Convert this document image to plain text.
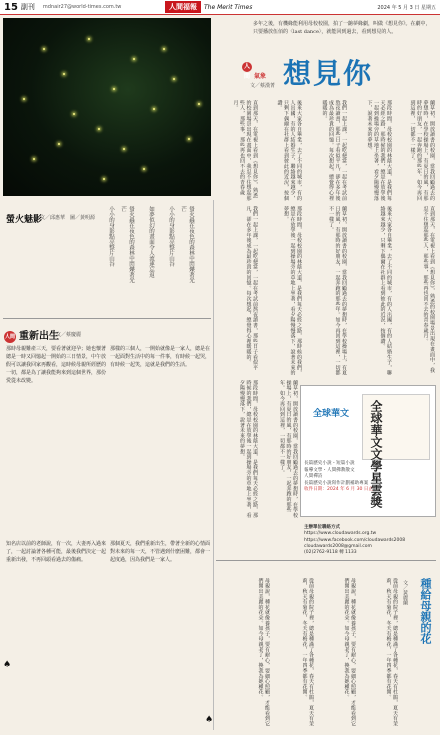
15 副刊 mdnair27@world-times.com.tw	人間福報	The Merit Times	2024 年 5 月 3 日 星期五
多年之後，有機緣能利用母校校園，拍了一齣夢緣劇，叫做《想見你》。在劇中，只要播放伍佰的〈last dance〉，就能回到過去，看到想見的人。
人間 氣象 想見你
文／蔡漢菁
蘭草初，開放讀書的校園，當我回顧過去的夢想時，在學校操場上，有夏日的風，有那時的好朋友，一起奔跑的那些年。如今再回到這裡，一切都不一樣了。
那段時間，母校校園的林蔭大道，是我們每天必經之路，那時候的我們，總是在放學後一起到操場旁的草地上坐著，看夕陽慢慢落下，說著未來的夢想。
我們一起上課，一起吃便當，一起在考試前熬夜讀書，那些日子看似平凡，卻在多年後成為最珍貴的回憶。每次想起，總覺得心裡暖暖的。
後來大家各自畢業，去了不同的城市，有的人出國，有的人結婚生子，聯絡越來越少，只剩下偶爾在社群上看到彼此的近況，按個讚。
直到那天，在電視上看到《想見你》，熟悉的校園場景出現在畫面中，我忍不住想起那些人，那些事，那些再也回不去的青春歲月。
直到那天，在電視上看到《想見你》，熟悉的校園場景出現在畫面中，我忍不住想起那些人，那些事，那些再也回不去的青春歲月。
後來大家各自畢業，去了不同的城市，有的人出國，有的人結婚生子，聯絡越來越少，只剩下偶爾在社群上看到彼此的近況，按個讚。
蘭草初，開放讀書的校園，當我回顧過去的夢想時，在學校操場上，有夏日的風，有那時的好朋友，一起奔跑的那些年。如今再回到這裡，一切都不一樣了。
那段時間，母校校園的林蔭大道，是我們每天必經之路，那時候的我們，總是在放學後一起到操場旁的草地上坐著，看夕陽慢慢落下，說著未來的夢想。
我們一起上課，一起吃便當，一起在考試前熬夜讀書，那些日子看似平凡，卻在多年後成為最珍貴的回憶。每次想起，總覺得心裡暖暖的。
蘭草初，開放讀書的校園，當我回顧過去的夢想時，在學校操場上，有夏日的風，有那時的好朋友，一起奔跑的那些年。如今再回到這裡，一切都不一樣了。
那段時間，母校校園的林蔭大道，是我們每天必經之路，那時候的我們，總是在放學後一起到操場旁的草地上坐著，看夕陽慢慢落下，說著未來的夢想。
螢火魅影
文／邱惠華　圖／黃明源	螢火蟲在夜色的森林中閃爍著光芒
小小的身影點亮整片山谷
如夢似幻的畫面令人流連忘返
螢火蟲在夜色的森林中閃爍著光芒
小小的身影點亮整片山谷
人間 重新出生
文／蔡慶麗
那時母親難產三天，要看著就迎孕；她也懷著總是一時又回憶起一開始的三日情景，中午放假可以讓我回家再觀看，這時候母親所經歷的一切，都是為了讓我能夠來到這個世界，那份愛從未改變。
那樣的三個人，一開始就像是一家人，總是在一起面對生活中的每一件事，有時候一起哭，有時候一起笑，這就是我們的生活。
知名店以前的老師說，有一次，大妻再入過來了，一起討論著各種可能，最後我們決定一起重新出發，不再回頭看過去的傷痛。
那個夏天，我們重新出生，帶著全新的心情面對未來的每一天，不管遇到什麼困難，都會一起度過，因為我們是一家人。
♠
♠
全球華文	全球華文文學星雲獎
長篇歷史小說・短篇小說
報導文學・人間佛教散文
人間禪詩
長篇歷史小說寫作計劃補助專案
收件日期：2024 年 6 月 30 日止
主辦單位聯絡方式
https://www.cloudawards.org.tw
https://www.facebook.com/cloudawards2008
cloudawards2008@gmail.com
(02)2762-9118 轉 1133
種給母親的花
文／黃麗蘭
從前母親的院子裡，總是種滿了各種花，春天有杜鵑，夏天有茉莉，秋天有菊花，冬天有梅花，一年四季都有花開。
母親說，種花就像養孩子，要有耐心，要細心照顧，才能看到它們開出美麗的花朵。如今母親老了，換我為她種花。
從前母親的院子裡，總是種滿了各種花，春天有杜鵑，夏天有茉莉，秋天有菊花，冬天有梅花，一年四季都有花開。
母親說，種花就像養孩子，要有耐心，要細心照顧，才能看到它們開出美麗的花朵。如今母親老了，換我為她種花。
